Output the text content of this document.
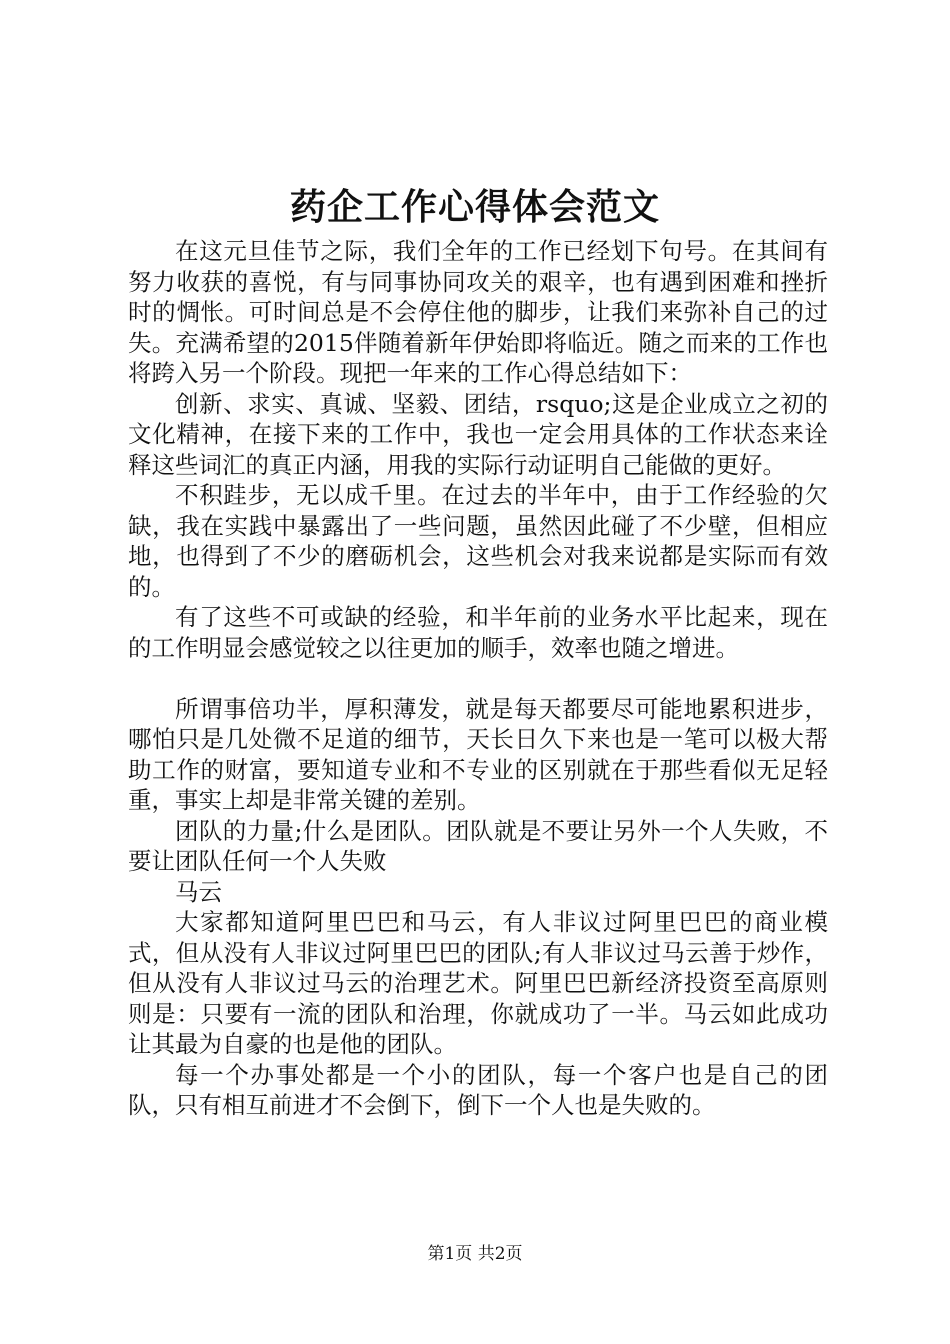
药企工作心得体会范文

在这元旦佳节之际，我们全年的工作已经划下句号。在其间有努力收获的喜悦，有与同事协同攻关的艰辛，也有遇到困难和挫折时的惆怅。可时间总是不会停住他的脚步，让我们来弥补自己的过失。充满希望的2015伴随着新年伊始即将临近。随之而来的工作也将跨入另一个阶段。现把一年来的工作心得总结如下：

创新、求实、真诚、坚毅、团结，rsquo;这是企业成立之初的文化精神，在接下来的工作中，我也一定会用具体的工作状态来诠释这些词汇的真正内涵，用我的实际行动证明自己能做的更好。

不积跬步，无以成千里。在过去的半年中，由于工作经验的欠缺，我在实践中暴露出了一些问题，虽然因此碰了不少壁，但相应地，也得到了不少的磨砺机会，这些机会对我来说都是实际而有效的。

有了这些不可或缺的经验，和半年前的业务水平比起来，现在的工作明显会感觉较之以往更加的顺手，效率也随之增进。

所谓事倍功半，厚积薄发，就是每天都要尽可能地累积进步，哪怕只是几处微不足道的细节，天长日久下来也是一笔可以极大帮助工作的财富，要知道专业和不专业的区别就在于那些看似无足轻重，事实上却是非常关键的差别。

团队的力量;什么是团队。团队就是不要让另外一个人失败，不要让团队任何一个人失败

马云

大家都知道阿里巴巴和马云，有人非议过阿里巴巴的商业模式，但从没有人非议过阿里巴巴的团队;有人非议过马云善于炒作，但从没有人非议过马云的治理艺术。阿里巴巴新经济投资至高原则则是：只要有一流的团队和治理，你就成功了一半。马云如此成功让其最为自豪的也是他的团队。

每一个办事处都是一个小的团队，每一个客户也是自己的团队，只有相互前进才不会倒下，倒下一个人也是失败的。

第1页 共2页
